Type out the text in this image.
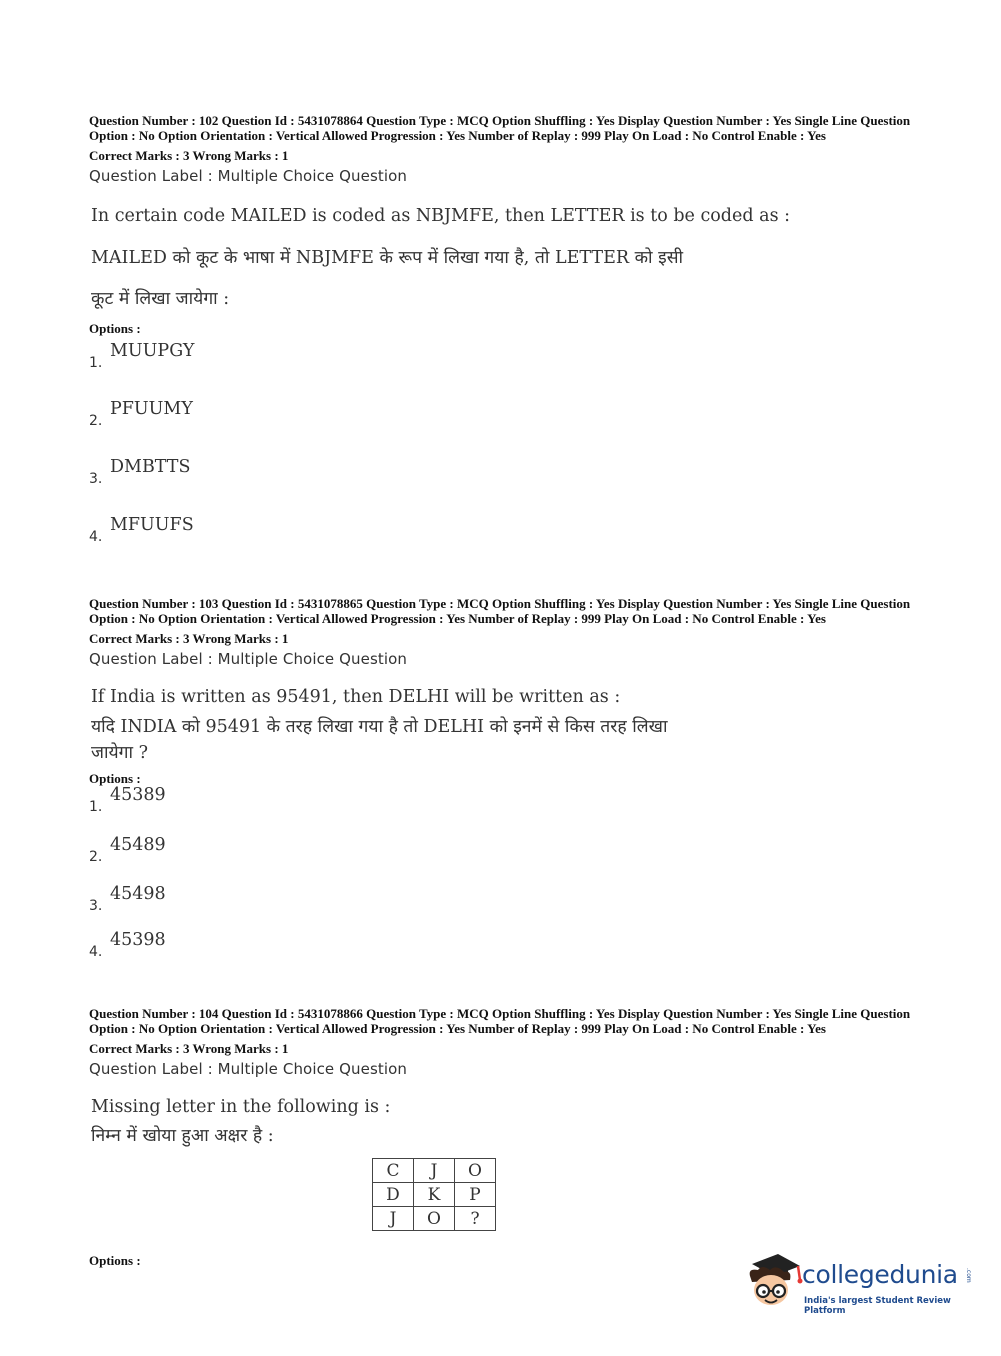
Question Number : 102 Question Id : 5431078864 Question Type : MCQ Option Shuffling : Yes Display Question Number : Yes Single Line Question Option : No Option Orientation : Vertical Allowed Progression : Yes Number of Replay : 999 Play On Load : No Control Enable : Yes

Correct Marks : 3 Wrong Marks : 1
Question Label : Multiple Choice Question
In certain code MAILED is coded as NBJMFE, then LETTER is to be coded as :
MAILED को कूट के भाषा में NBJMFE के रूप में लिखा गया है, तो LETTER को इसी
कूट में लिखा जायेगा :
Options :
1.
MUUPGY
2.
PFUUMY
3.
DMBTTS
4.
MFUUFS

Question Number : 103 Question Id : 5431078865 Question Type : MCQ Option Shuffling : Yes Display Question Number : Yes Single Line Question Option : No Option Orientation : Vertical Allowed Progression : Yes Number of Replay : 999 Play On Load : No Control Enable : Yes

Correct Marks : 3 Wrong Marks : 1
Question Label : Multiple Choice Question
If India is written as 95491, then DELHI will be written as :
यदि INDIA को 95491 के तरह लिखा गया है तो DELHI को इनमें से किस तरह लिखा
जायेगा ?
Options :
1.
45389
2.
45489
3.
45498
4.
45398

Question Number : 104 Question Id : 5431078866 Question Type : MCQ Option Shuffling : Yes Display Question Number : Yes Single Line Question Option : No Option Orientation : Vertical Allowed Progression : Yes Number of Replay : 999 Play On Load : No Control Enable : Yes

Correct Marks : 3 Wrong Marks : 1
Question Label : Multiple Choice Question
Missing letter in the following is :
निम्न में खोया हुआ अक्षर है :
C	J	O
D	K	P
J	O	?
Options :	collegedunia .com
India's largest Student Review Platform
